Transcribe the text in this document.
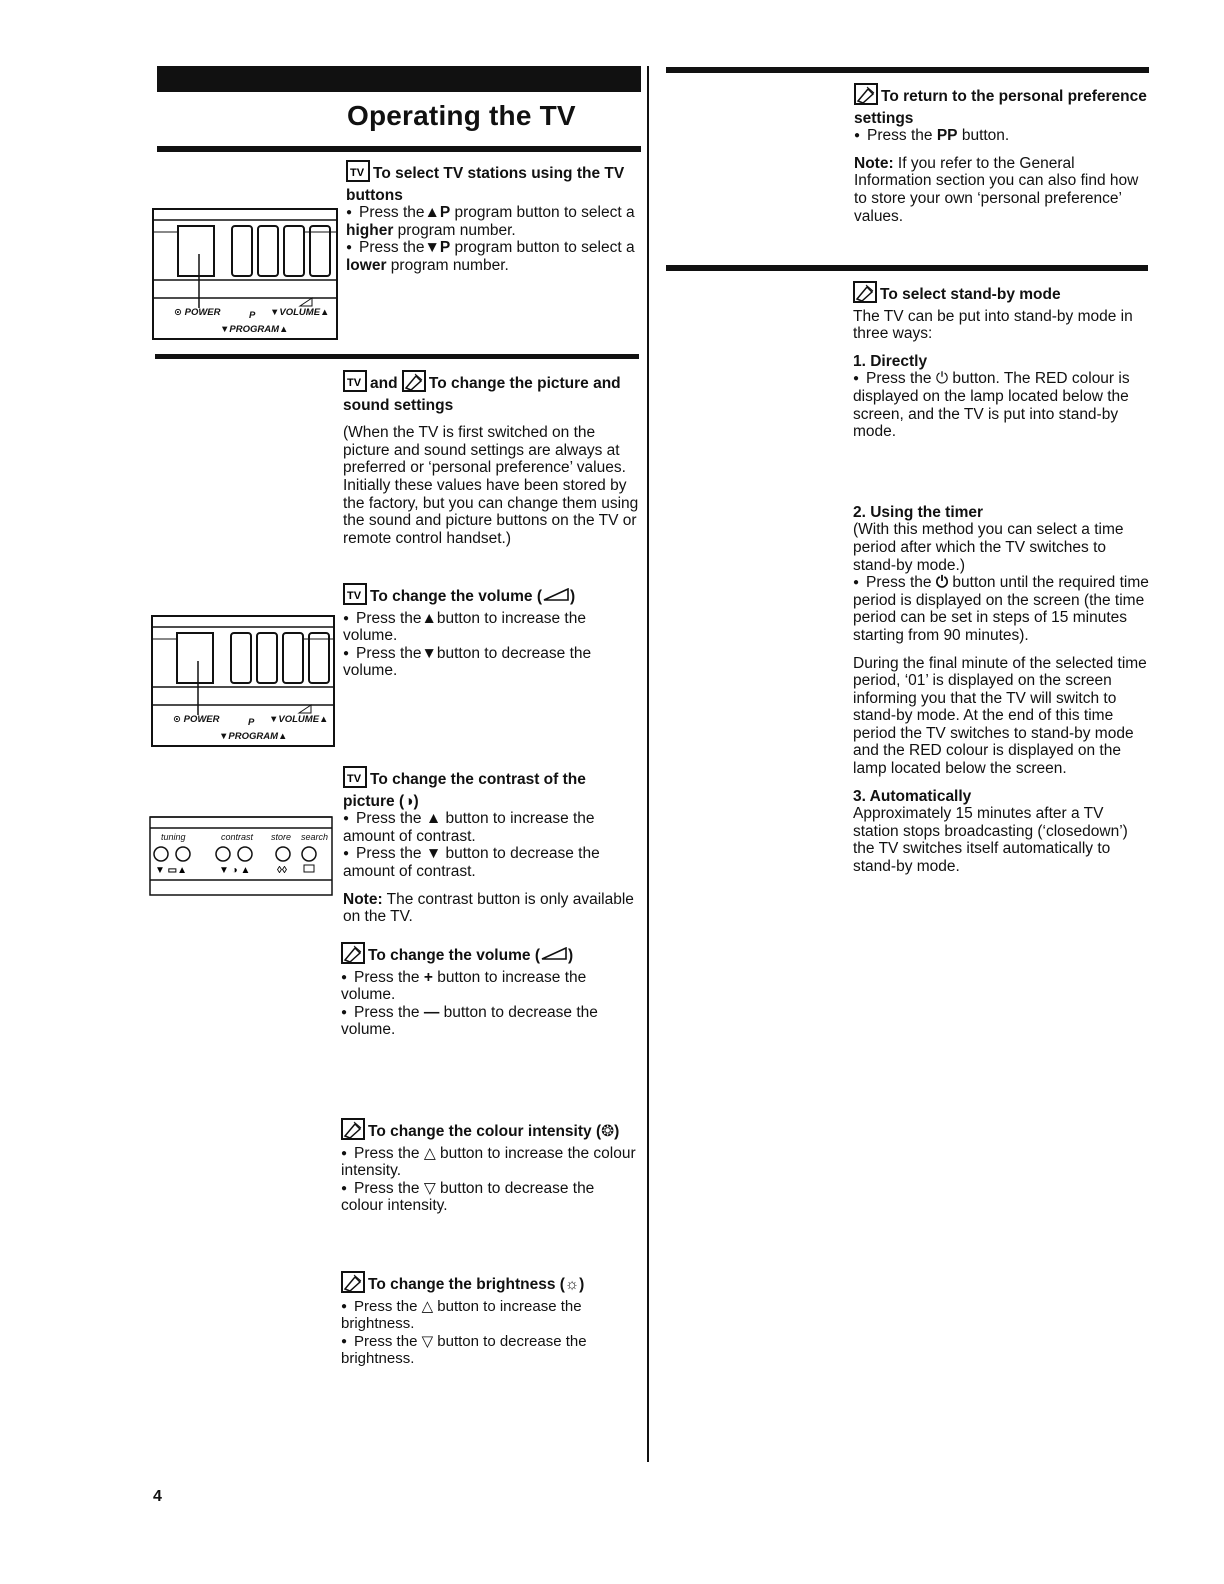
Operating the TV
⊙ POWER	P ▼VOLUME▲
▼PROGRAM▲

TV To select TV stations using the TV buttons

● Press the▲P program button to select a higher program number.

● Press the▼P program button to select a lower program number.

TV and To change the picture and sound settings

(When the TV is first switched on the picture and sound settings are always at preferred or ‘personal preference’ values. Initially these values have been stored by the factory, but you can change them using the sound and picture buttons on the TV or remote control handset.)

⊙ POWER	P ▼VOLUME▲
▼PROGRAM▲

TV To change the volume ( )

● Press the▲button to increase the volume.

● Press the▼button to decrease the volume.

▼ ▭▲	▼ ◑ ▲	◊◊
tuning	contrast store search

TV To change the contrast of the picture (◑)

● Press the ▲ button to increase the amount of contrast.

● Press the ▼ button to decrease the amount of contrast.

Note: The contrast button is only available on the TV.

To change the volume ( )

● Press the + button to increase the volume.

● Press the — button to decrease the volume.

To change the colour intensity (❂)

● Press the △ button to increase the colour intensity.

● Press the ▽ button to decrease the colour intensity.

To change the brightness (☼)

● Press the △ button to increase the brightness.

● Press the ▽ button to decrease the brightness.

To return to the personal preference settings

● Press the PP button.

Note: If you refer to the General Information section you can also find how to store your own ‘personal preference’ values.

To select stand-by mode

The TV can be put into stand-by mode in three ways:

1. Directly

● Press the ⏻ button. The RED colour is displayed on the lamp located below the screen, and the TV is put into stand-by mode.

2. Using the timer

(With this method you can select a time period after which the TV switches to stand-by mode.)

● Press the ⏻ button until the required time period is displayed on the screen (the time period can be set in steps of 15 minutes starting from 90 minutes).

During the final minute of the selected time period, ‘01’ is displayed on the screen informing you that the TV will switch to stand-by mode. At the end of this time period the TV switches to stand-by mode and the RED colour is displayed on the lamp located below the screen.

3. Automatically

Approximately 15 minutes after a TV station stops broadcasting (‘closedown’) the TV switches itself automatically to stand-by mode.

4
